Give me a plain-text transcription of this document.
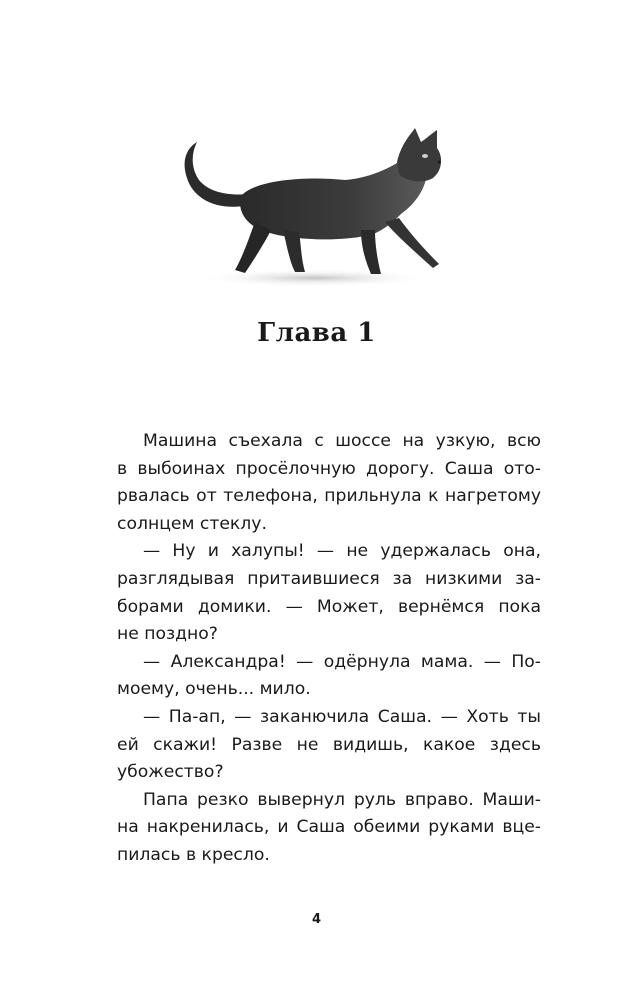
Глава 1
Машина съехала с шоссе на узкую, всю
в выбоинах просёлочную дорогу. Саша ото-
рвалась от телефона, прильнула к нагретому
солнцем стеклу.
— Ну и халупы! — не удержалась она,
разглядывая притаившиеся за низкими за-
борами домики. — Может, вернёмся пока
не поздно?
— Александра! — одёрнула мама. — По-
моему, очень... мило.
— Па-ап, — заканючила Саша. — Хоть ты
ей скажи! Разве не видишь, какое здесь
убожество?
Папа резко вывернул руль вправо. Маши-
на накренилась, и Саша обеими руками вце-
пилась в кресло.
4
